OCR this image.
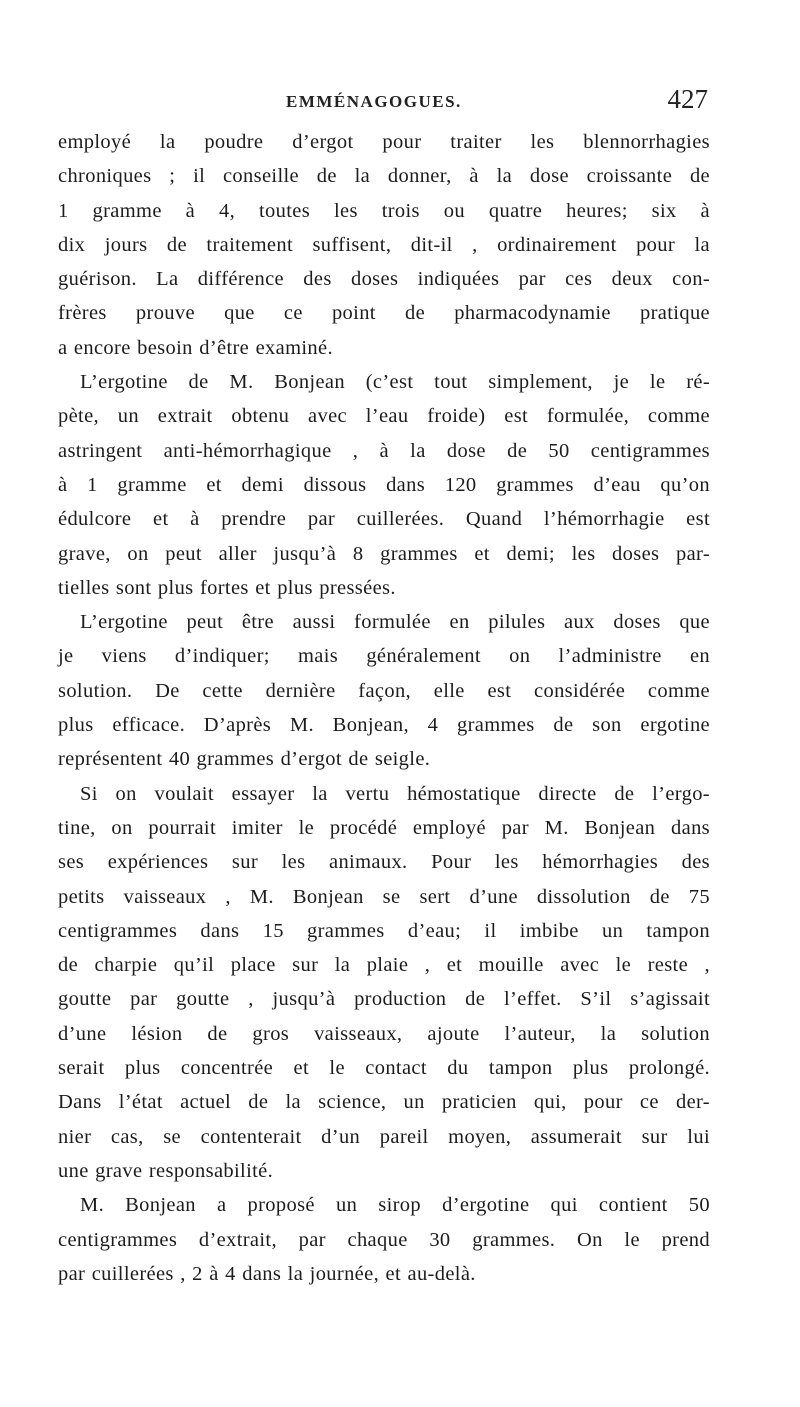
EMMÉNAGOGUES.	427
employé la poudre d’ergot pour traiter les blennorrhagies
chroniques ; il conseille de la donner, à la dose croissante de
1 gramme à 4, toutes les trois ou quatre heures; six à
dix jours de traitement suffisent, dit-il , ordinairement pour la
guérison. La différence des doses indiquées par ces deux con-
frères prouve que ce point de pharmacodynamie pratique
a encore besoin d’être examiné.
L’ergotine de M. Bonjean (c’est tout simplement, je le ré-
pète, un extrait obtenu avec l’eau froide) est formulée, comme
astringent anti-hémorrhagique , à la dose de 50 centigrammes
à 1 gramme et demi dissous dans 120 grammes d’eau qu’on
édulcore et à prendre par cuillerées. Quand l’hémorrhagie est
grave, on peut aller jusqu’à 8 grammes et demi; les doses par-
tielles sont plus fortes et plus pressées.
L’ergotine peut être aussi formulée en pilules aux doses que
je viens d’indiquer; mais généralement on l’administre en
solution. De cette dernière façon, elle est considérée comme
plus efficace. D’après M. Bonjean, 4 grammes de son ergotine
représentent 40 grammes d’ergot de seigle.
Si on voulait essayer la vertu hémostatique directe de l’ergo-
tine, on pourrait imiter le procédé employé par M. Bonjean dans
ses expériences sur les animaux. Pour les hémorrhagies des
petits vaisseaux , M. Bonjean se sert d’une dissolution de 75
centigrammes dans 15 grammes d’eau; il imbibe un tampon
de charpie qu’il place sur la plaie , et mouille avec le reste ,
goutte par goutte , jusqu’à production de l’effet. S’il s’agissait
d’une lésion de gros vaisseaux, ajoute l’auteur, la solution
serait plus concentrée et le contact du tampon plus prolongé.
Dans l’état actuel de la science, un praticien qui, pour ce der-
nier cas, se contenterait d’un pareil moyen, assumerait sur lui
une grave responsabilité.
M. Bonjean a proposé un sirop d’ergotine qui contient 50
centigrammes d’extrait, par chaque 30 grammes. On le prend
par cuillerées , 2 à 4 dans la journée, et au-delà.
